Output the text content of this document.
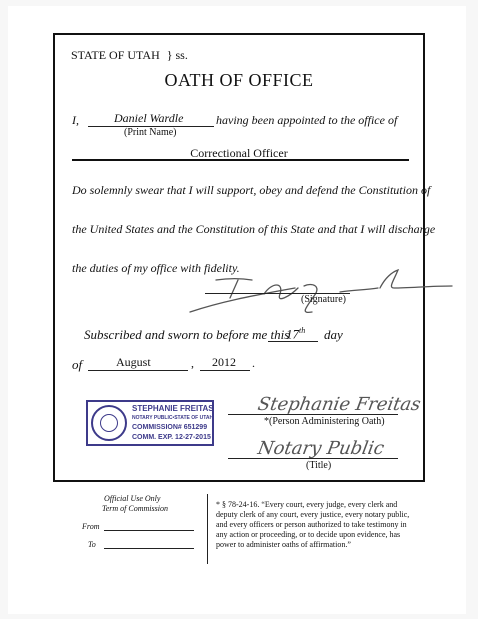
STATE OF UTAH } ss.
OATH OF OFFICE
I,	Daniel Wardle
(Print Name)
having been appointed to the office of
Correctional Officer
Do solemnly swear that I will support, obey and defend the Constitution of
the United States and the Constitution of this State and that I will discharge
the duties of my office with fidelity.
(Signature)
Subscribed and sworn to before me this
17th day
of	August	, 2012 .
STEPHANIE FREITAS
NOTARY PUBLIC•STATE OF UTAH
COMMISSION# 651299
COMM. EXP. 12-27-2015
Stephanie Freitas
*(Person Administering Oath)
Notary Public
(Title)
Official Use Only
Term of Commission
From
To
* § 78-24-16. “Every court, every judge, every clerk and deputy clerk of any court, every justice, every notary public, and every officers or person authorized to take testimony in any action or proceeding, or to decide upon evidence, has power to administer oaths of affirmation.”
